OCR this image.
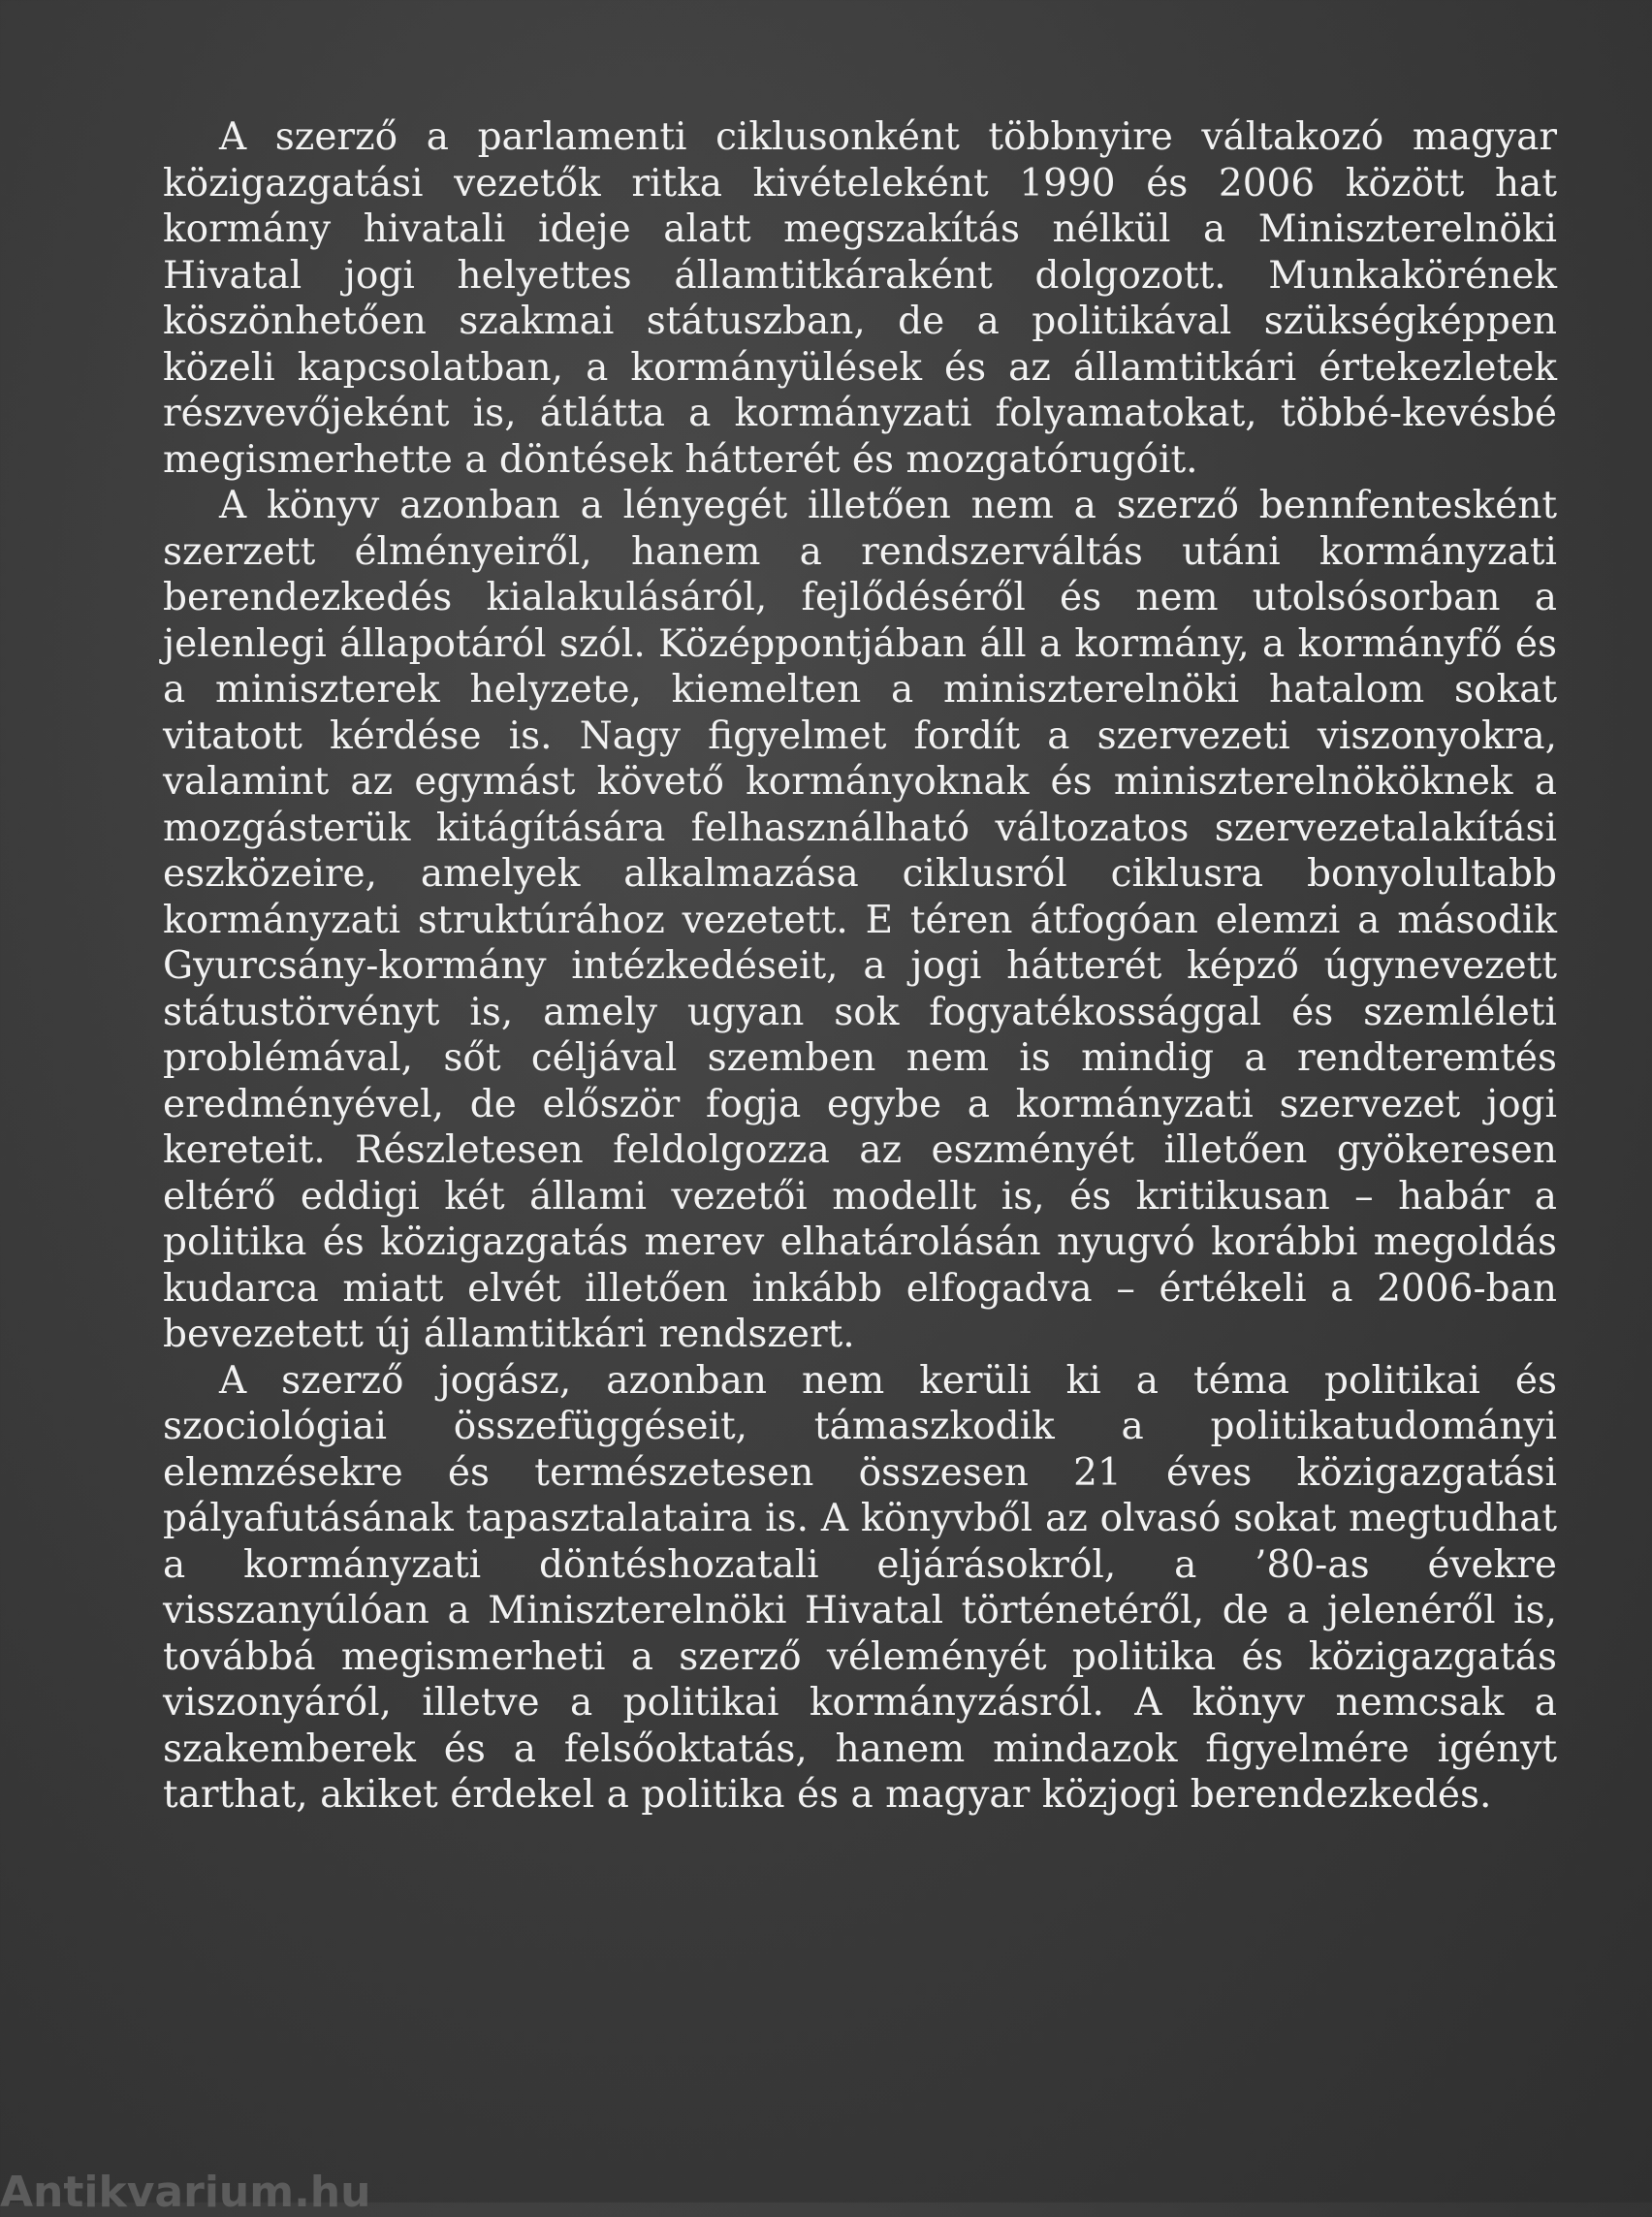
A szerző a parlamenti ciklusonként többnyire váltakozó magyar közigazgatási vezetők ritka kivételeként 1990 és 2006 között hat kormány hivatali ideje alatt megszakítás nélkül a Miniszterelnöki Hivatal jogi helyettes államtitkáraként dolgozott. Munkakörének köszönhetően szakmai státuszban, de a politikával szükségképpen közeli kapcsolatban, a kormányülések és az államtitkári értekezletek részvevőjeként is, átlátta a kormányzati folyamatokat, többé-kevésbé megismerhette a döntések hátterét és mozgatórugóit.

A könyv azonban a lényegét illetően nem a szerző bennfentesként szerzett élményeiről, hanem a rendszerváltás utáni kormányzati berendezkedés kialakulásáról, fejlődéséről és nem utolsósorban a jelenlegi állapotáról szól. Középpontjában áll a kormány, a kormányfő és a miniszterek helyzete, kiemelten a miniszterelnöki hatalom sokat vitatott kérdése is. Nagy figyelmet fordít a szervezeti viszonyokra, valamint az egymást követő kormányoknak és miniszterelnököknek a mozgásterük kitágítására felhasználható változatos szervezetalakítási eszközeire, amelyek alkalmazása ciklusról ciklusra bonyolultabb kormányzati struktúrához vezetett. E téren átfogóan elemzi a második Gyurcsány-kormány intézkedéseit, a jogi hátterét képző úgynevezett státustörvényt is, amely ugyan sok fogyatékossággal és szemléleti problémával, sőt céljával szemben nem is mindig a rendteremtés eredményével, de először fogja egybe a kormányzati szervezet jogi kereteit. Részletesen feldolgozza az eszményét illetően gyökeresen eltérő eddigi két állami vezetői modellt is, és kritikusan – habár a politika és közigazgatás merev elhatárolásán nyugvó korábbi megoldás kudarca miatt elvét illetően inkább elfogadva – értékeli a 2006-ban bevezetett új államtitkári rendszert.

A szerző jogász, azonban nem kerüli ki a téma politikai és szociológiai összefüggéseit, támaszkodik a politikatudományi elemzésekre és természetesen összesen 21 éves közigazgatási pályafutásának tapasztalataira is. A könyvből az olvasó sokat megtudhat a kormányzati döntéshozatali eljárásokról, a ’80-as évekre visszanyúlóan a Miniszterelnöki Hivatal történetéről, de a jelenéről is, továbbá megismerheti a szerző véleményét politika és közigazgatás viszonyáról, illetve a politikai kormányzásról. A könyv nemcsak a szakemberek és a felsőoktatás, hanem mindazok figyelmére igényt tarthat, akiket érdekel a politika és a magyar közjogi berendezkedés.

Antikvarium.hu
